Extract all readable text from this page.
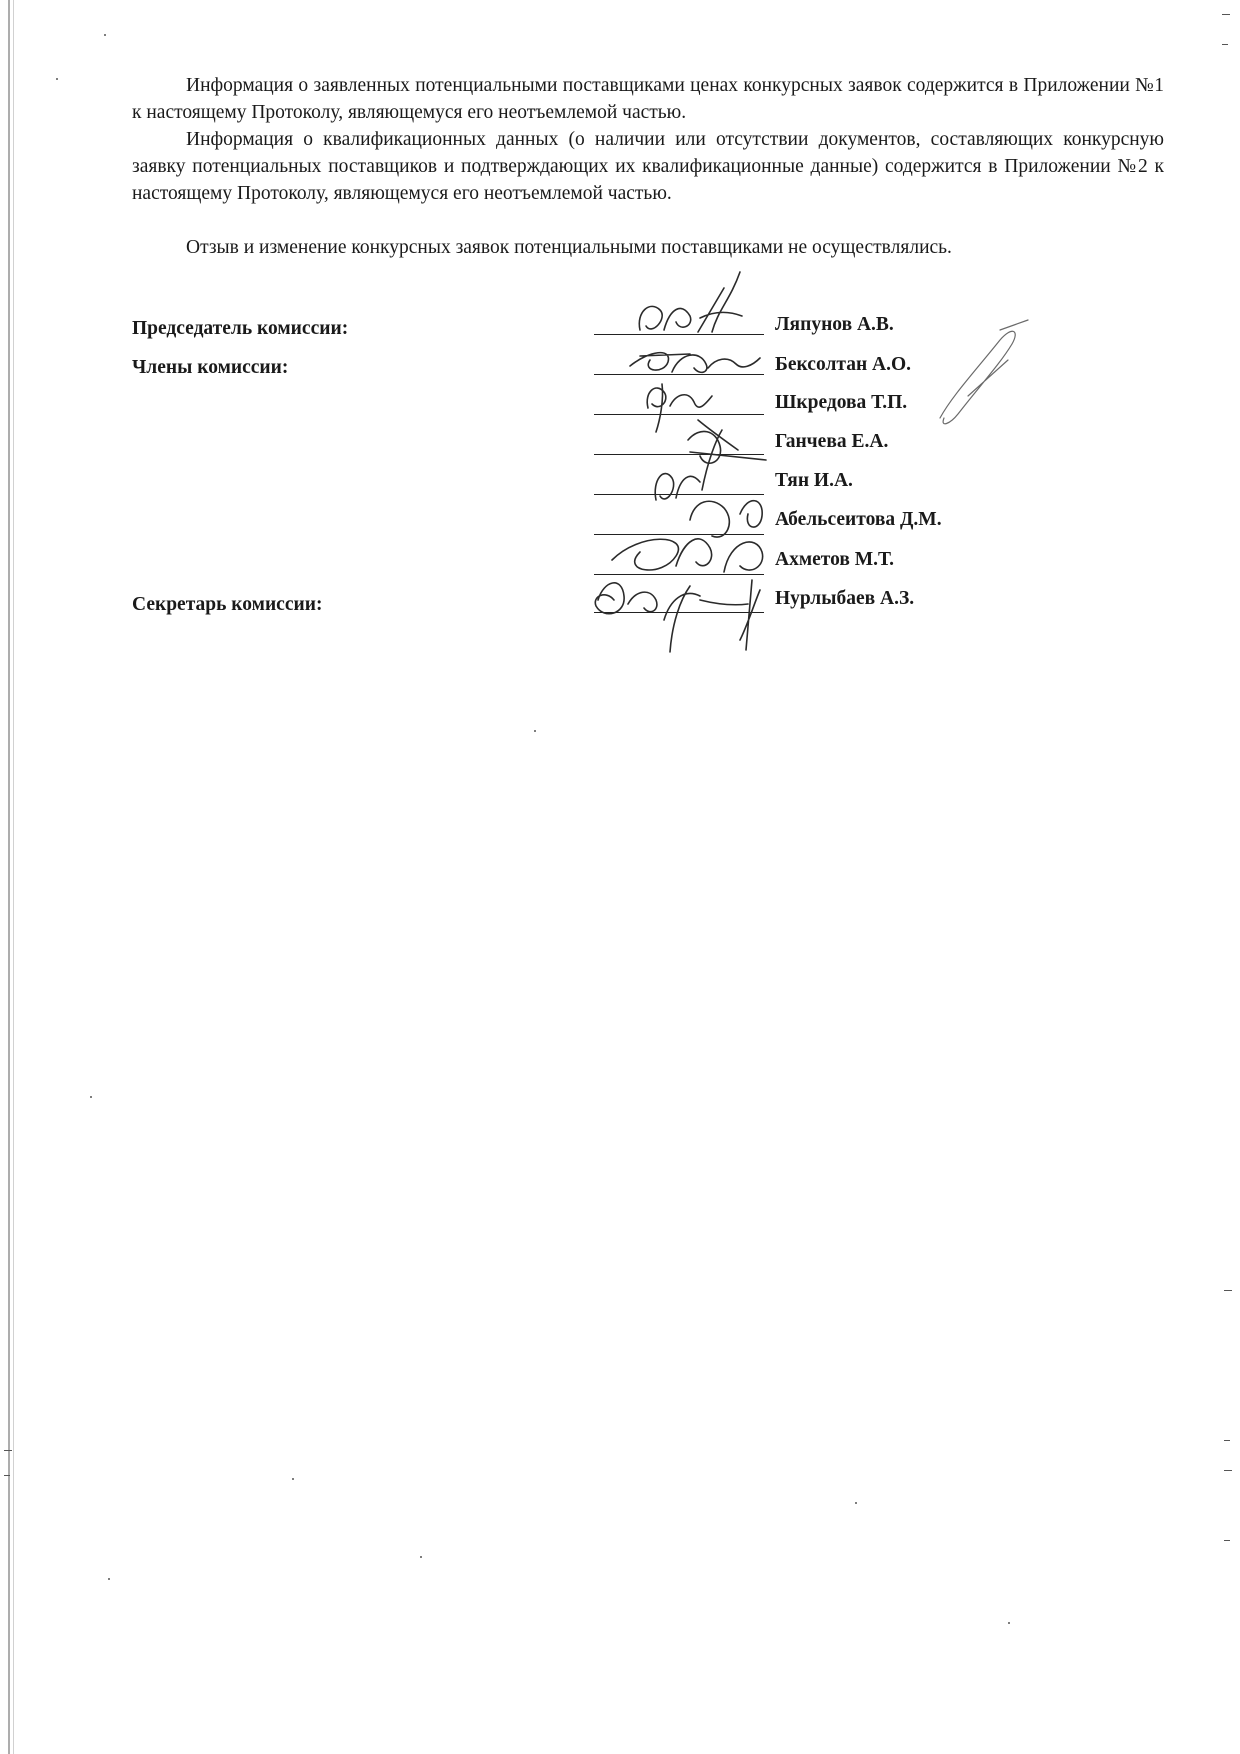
Информация о заявленных потенциальными поставщиками ценах конкурсных заявок содержится в Приложении №1 к настоящему Протоколу, являющемуся его неотъемлемой частью.

Информация о квалификационных данных (о наличии или отсутствии документов, составляющих конкурсную заявку потенциальных поставщиков и подтверждающих их квалификационные данные) содержится в Приложении №2 к настоящему Протоколу, являющемуся его неотъемлемой частью.

Отзыв и изменение конкурсных заявок потенциальными поставщиками не осуществлялись.

Председатель комиссии:
Члены комиссии:
Секретарь комиссии:
Ляпунов А.В.
Бексолтан А.О.
Шкредова Т.П.
Ганчева Е.А.
Тян И.А.
Абельсеитова Д.М.
Ахметов М.Т.
Нурлыбаев А.З.
